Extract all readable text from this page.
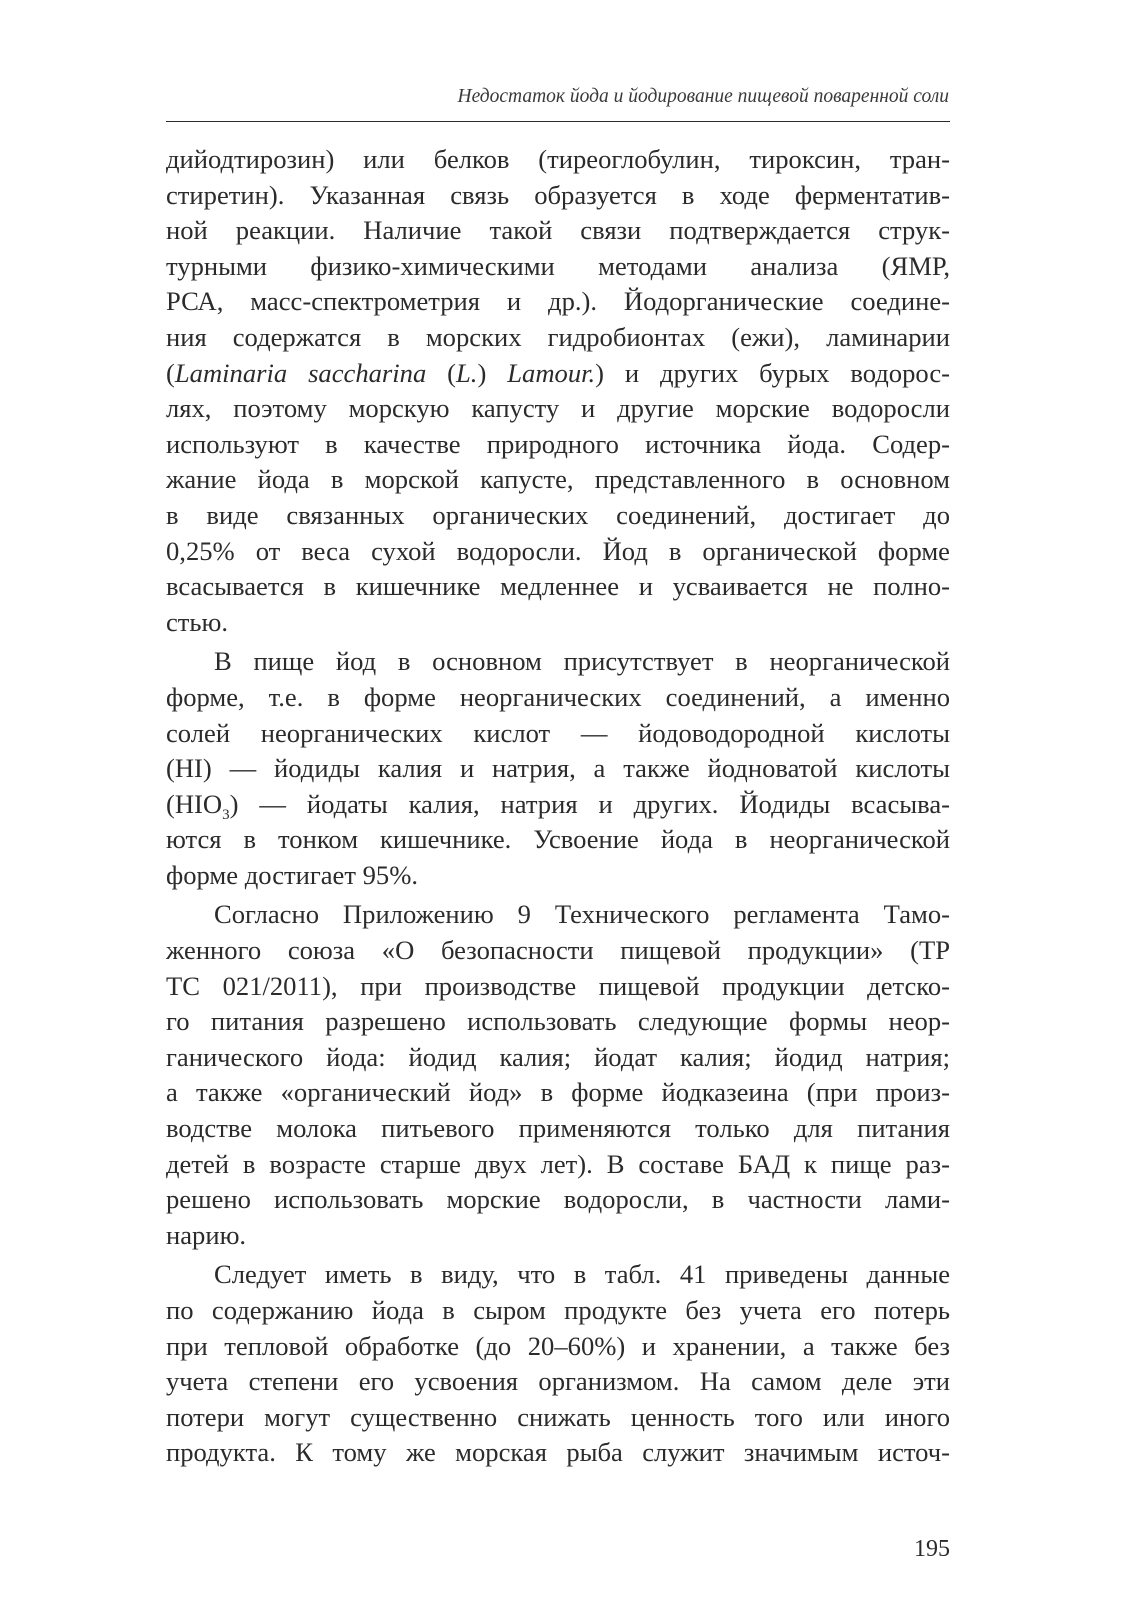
Недостаток йода и йодирование пищевой поваренной соли
дийодтирозин) или белков (тиреоглобулин, тироксин, тран-
стиретин). Указанная связь образуется в ходе ферментатив-
ной реакции. Наличие такой связи подтверждается струк-
турными физико-химическими методами анализа (ЯМР,
РСА, масс-спектрометрия и др.). Йодорганические соедине-
ния содержатся в морских гидробионтах (ежи), ламинарии
(Laminaria saccharina (L.) Lamour.) и других бурых водорос-
лях, поэтому морскую капусту и другие морские водоросли
используют в качестве природного источника йода. Содер-
жание йода в морской капусте, представленного в основном
в виде связанных органических соединений, достигает до
0,25% от веса сухой водоросли. Йод в органической форме
всасывается в кишечнике медленнее и усваивается не полно-
стью.
В пище йод в основном присутствует в неорганической
форме, т.е. в форме неорганических соединений, а именно
солей неорганических кислот — йодоводородной кислоты
(HI) — йодиды калия и натрия, а также йодноватой кислоты
$(HIO_3)$ — йодаты калия, натрия и других. Йодиды всасыва-
ются в тонком кишечнике. Усвоение йода в неорганической
форме достигает 95%.
Согласно Приложению 9 Технического регламента Тамо-
женного союза «О безопасности пищевой продукции» (ТР
ТС 021/2011), при производстве пищевой продукции детско-
го питания разрешено использовать следующие формы неор-
ганического йода: йодид калия; йодат калия; йодид натрия;
а также «органический йод» в форме йодказеина (при произ-
водстве молока питьевого применяются только для питания
детей в возрасте старше двух лет). В составе БАД к пище раз-
решено использовать морские водоросли, в частности лами-
нарию.
Следует иметь в виду, что в табл. 41 приведены данные
по содержанию йода в сыром продукте без учета его потерь
при тепловой обработке (до 20–60%) и хранении, а также без
учета степени его усвоения организмом. На самом деле эти
потери могут существенно снижать ценность того или иного
продукта. К тому же морская рыба служит значимым источ-
195
